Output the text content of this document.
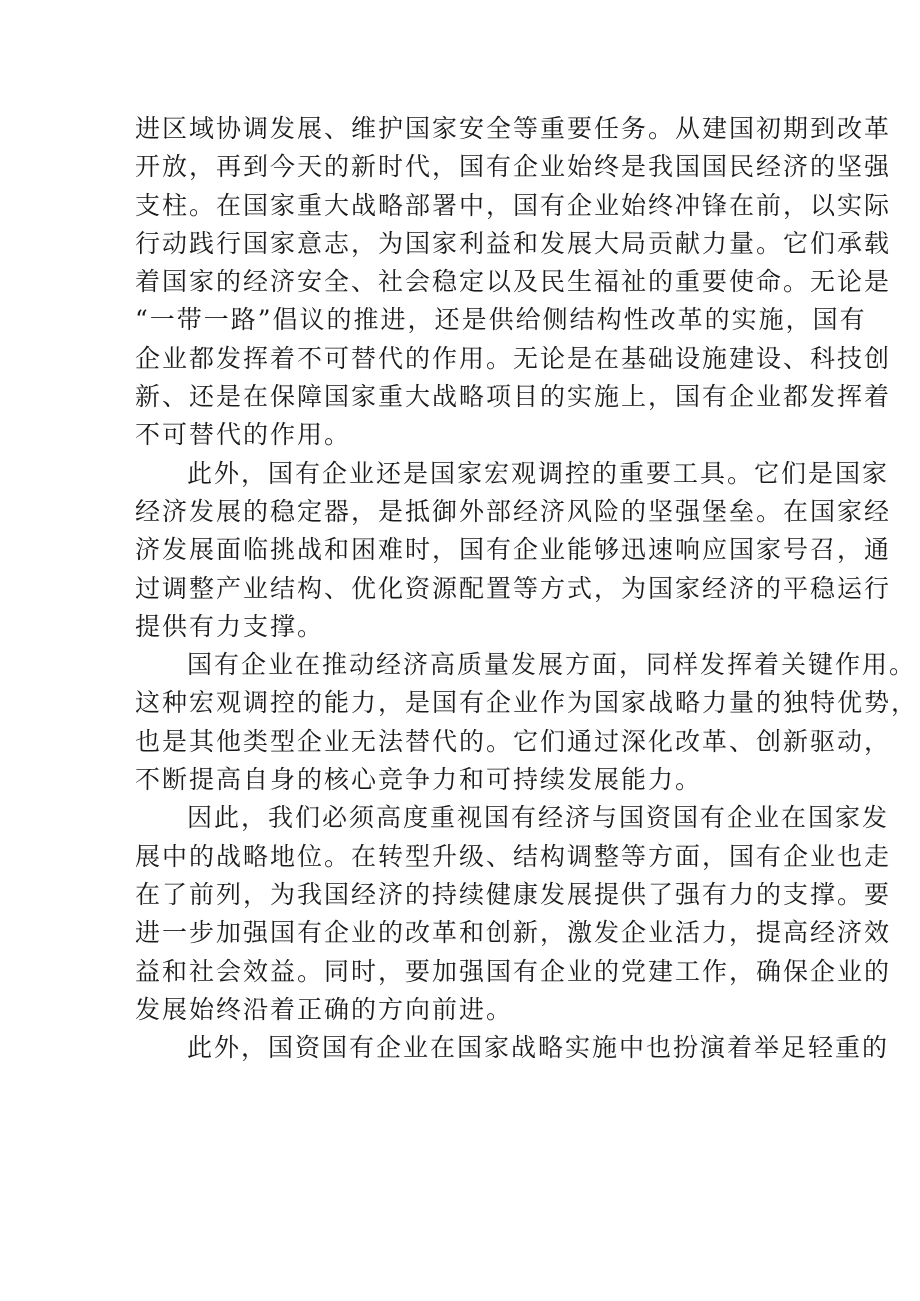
进区域协调发展、维护国家安全等重要任务。从建国初期到改革
开放，再到今天的新时代，国有企业始终是我国国民经济的坚强
支柱。在国家重大战略部署中，国有企业始终冲锋在前，以实际
行动践行国家意志，为国家利益和发展大局贡献力量。它们承载
着国家的经济安全、社会稳定以及民生福祉的重要使命。无论是
“一带一路”倡议的推进，还是供给侧结构性改革的实施，国有
企业都发挥着不可替代的作用。无论是在基础设施建设、科技创
新、还是在保障国家重大战略项目的实施上，国有企业都发挥着
不可替代的作用。
此外，国有企业还是国家宏观调控的重要工具。它们是国家
经济发展的稳定器，是抵御外部经济风险的坚强堡垒。在国家经
济发展面临挑战和困难时，国有企业能够迅速响应国家号召，通
过调整产业结构、优化资源配置等方式，为国家经济的平稳运行
提供有力支撑。
国有企业在推动经济高质量发展方面，同样发挥着关键作用。
这种宏观调控的能力，是国有企业作为国家战略力量的独特优势，
也是其他类型企业无法替代的。它们通过深化改革、创新驱动，
不断提高自身的核心竞争力和可持续发展能力。
因此，我们必须高度重视国有经济与国资国有企业在国家发
展中的战略地位。在转型升级、结构调整等方面，国有企业也走
在了前列，为我国经济的持续健康发展提供了强有力的支撑。要
进一步加强国有企业的改革和创新，激发企业活力，提高经济效
益和社会效益。同时，要加强国有企业的党建工作，确保企业的
发展始终沿着正确的方向前进。
此外，国资国有企业在国家战略实施中也扮演着举足轻重的
